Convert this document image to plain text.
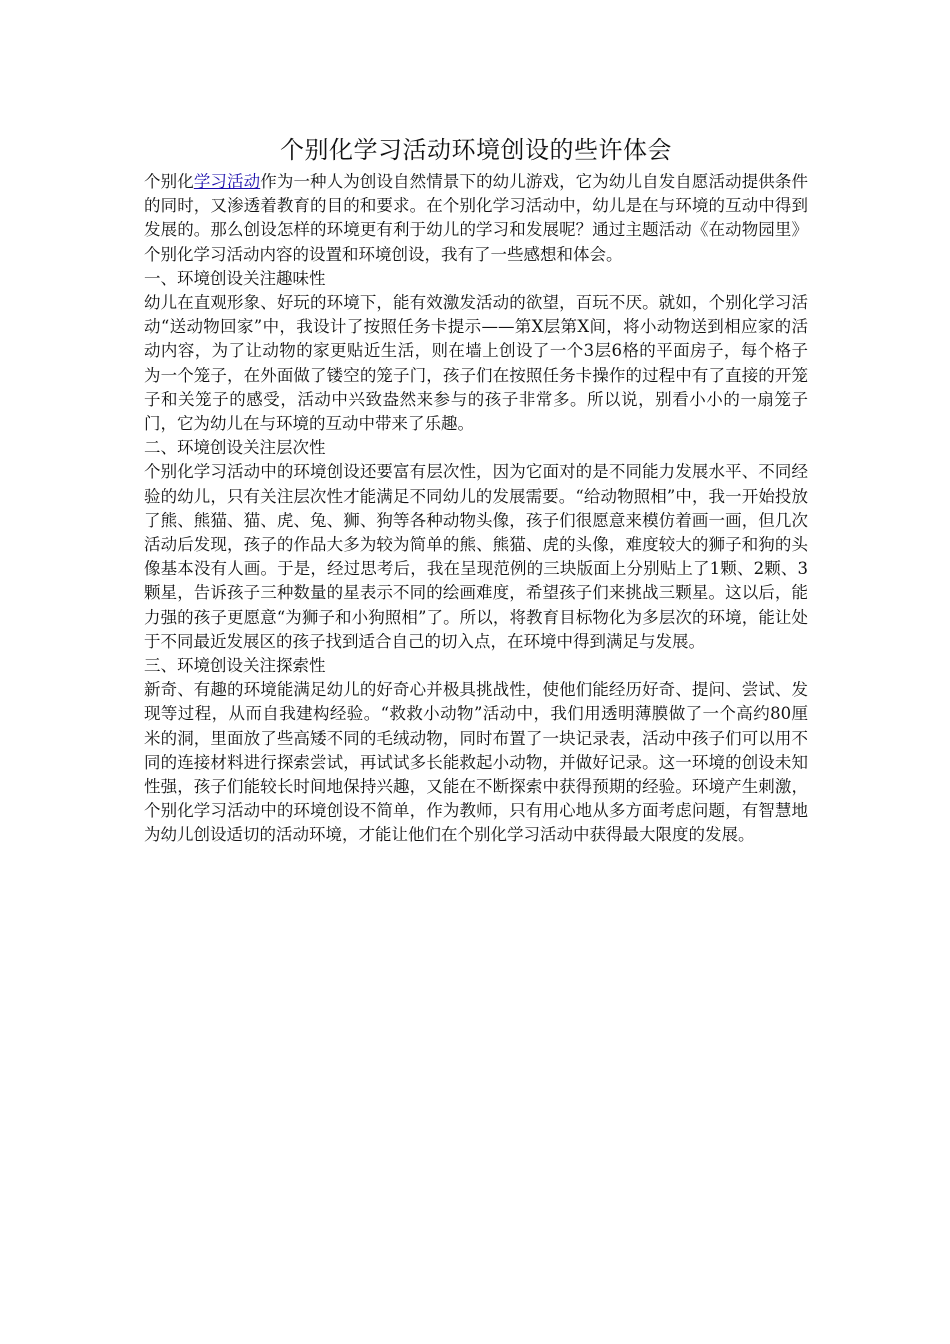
个别化学习活动环境创设的些许体会

个别化学习活动作为一种人为创设自然情景下的幼儿游戏，它为幼儿自发自愿活动提供条件的同时，又渗透着教育的目的和要求。在个别化学习活动中，幼儿是在与环境的互动中得到发展的。那么创设怎样的环境更有利于幼儿的学习和发展呢？通过主题活动《在动物园里》个别化学习活动内容的设置和环境创设，我有了一些感想和体会。

一、环境创设关注趣味性

幼儿在直观形象、好玩的环境下，能有效激发活动的欲望，百玩不厌。就如，个别化学习活动“送动物回家”中，我设计了按照任务卡提示——第X层第X间，将小动物送到相应家的活动内容，为了让动物的家更贴近生活，则在墙上创设了一个3层6格的平面房子，每个格子为一个笼子，在外面做了镂空的笼子门，孩子们在按照任务卡操作的过程中有了直接的开笼子和关笼子的感受，活动中兴致盎然来参与的孩子非常多。所以说，别看小小的一扇笼子门，它为幼儿在与环境的互动中带来了乐趣。

二、环境创设关注层次性

个别化学习活动中的环境创设还要富有层次性，因为它面对的是不同能力发展水平、不同经验的幼儿，只有关注层次性才能满足不同幼儿的发展需要。“给动物照相”中，我一开始投放了熊、熊猫、猫、虎、兔、狮、狗等各种动物头像，孩子们很愿意来模仿着画一画，但几次活动后发现，孩子的作品大多为较为简单的熊、熊猫、虎的头像，难度较大的狮子和狗的头像基本没有人画。于是，经过思考后，我在呈现范例的三块版面上分别贴上了1颗、2颗、3颗星，告诉孩子三种数量的星表示不同的绘画难度，希望孩子们来挑战三颗星。这以后，能力强的孩子更愿意“为狮子和小狗照相”了。所以，将教育目标物化为多层次的环境，能让处于不同最近发展区的孩子找到适合自己的切入点，在环境中得到满足与发展。

三、环境创设关注探索性

新奇、有趣的环境能满足幼儿的好奇心并极具挑战性，使他们能经历好奇、提问、尝试、发现等过程，从而自我建构经验。“救救小动物”活动中，我们用透明薄膜做了一个高约80厘米的洞，里面放了些高矮不同的毛绒动物，同时布置了一块记录表，活动中孩子们可以用不同的连接材料进行探索尝试，再试试多长能救起小动物，并做好记录。这一环境的创设未知性强，孩子们能较长时间地保持兴趣，又能在不断探索中获得预期的经验。环境产生刺激，个别化学习活动中的环境创设不简单，作为教师，只有用心地从多方面考虑问题，有智慧地为幼儿创设适切的活动环境，才能让他们在个别化学习活动中获得最大限度的发展。
